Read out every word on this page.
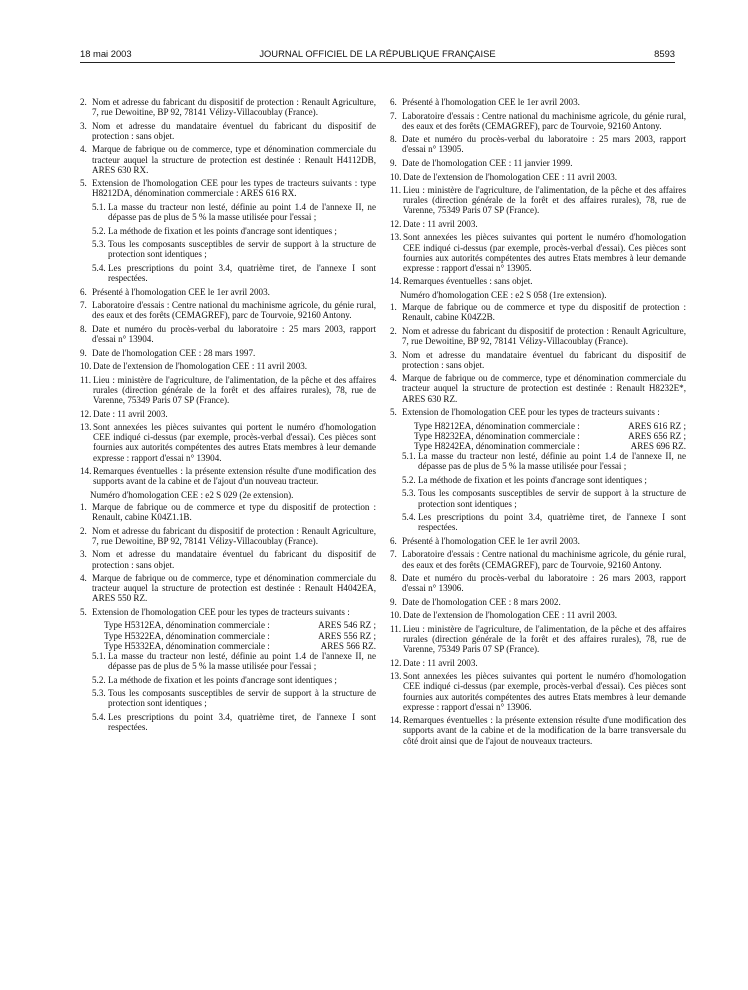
18 mai 2003	JOURNAL OFFICIEL DE LA RÉPUBLIQUE FRANÇAISE	8593
2. Nom et adresse du fabricant du dispositif de protection : Renault Agriculture, 7, rue Dewoitine, BP 92, 78141 Vélizy-Villacoublay (France).
3. Nom et adresse du mandataire éventuel du fabricant du dispositif de protection : sans objet.
4. Marque de fabrique ou de commerce, type et dénomination commerciale du tracteur auquel la structure de protection est destinée : Renault H4112DB, ARES 630 RX.
5. Extension de l'homologation CEE pour les types de tracteurs suivants : type H8212DA, dénomination commerciale : ARES 616 RX.
5.1. La masse du tracteur non lesté, définie au point 1.4 de l'annexe II, ne dépasse pas de plus de 5 % la masse utilisée pour l'essai ;
5.2. La méthode de fixation et les points d'ancrage sont identiques ;
5.3. Tous les composants susceptibles de servir de support à la structure de protection sont identiques ;
5.4. Les prescriptions du point 3.4, quatrième tiret, de l'annexe I sont respectées.
6. Présenté à l'homologation CEE le 1er avril 2003.
7. Laboratoire d'essais : Centre national du machinisme agricole, du génie rural, des eaux et des forêts (CEMAGREF), parc de Tourvoie, 92160 Antony.
8. Date et numéro du procès-verbal du laboratoire : 25 mars 2003, rapport d'essai n° 13904.
9. Date de l'homologation CEE : 28 mars 1997.
10. Date de l'extension de l'homologation CEE : 11 avril 2003.
11. Lieu : ministère de l'agriculture, de l'alimentation, de la pêche et des affaires rurales (direction générale de la forêt et des affaires rurales), 78, rue de Varenne, 75349 Paris 07 SP (France).
12. Date : 11 avril 2003.
13. Sont annexées les pièces suivantes qui portent le numéro d'homologation CEE indiqué ci-dessus (par exemple, procès-verbal d'essai). Ces pièces sont fournies aux autorités compétentes des autres Etats membres à leur demande expresse : rapport d'essai n° 13904.
14. Remarques éventuelles : la présente extension résulte d'une modification des supports avant de la cabine et de l'ajout d'un nouveau tracteur.
Numéro d'homologation CEE : e2 S 029 (2e extension).
1. Marque de fabrique ou de commerce et type du dispositif de protection : Renault, cabine K04Z1.1B.
2. Nom et adresse du fabricant du dispositif de protection : Renault Agriculture, 7, rue Dewoitine, BP 92, 78141 Vélizy-Villacoublay (France).
3. Nom et adresse du mandataire éventuel du fabricant du dispositif de protection : sans objet.
4. Marque de fabrique ou de commerce, type et dénomination commerciale du tracteur auquel la structure de protection est destinée : Renault H4042EA, ARES 550 RZ.
5. Extension de l'homologation CEE pour les types de tracteurs suivants :
Type H5312EA, dénomination commerciale :	ARES 546 RZ ;
Type H5322EA, dénomination commerciale :	ARES 556 RZ ;
Type H5332EA, dénomination commerciale :	ARES 566 RZ.
5.1. La masse du tracteur non lesté, définie au point 1.4 de l'annexe II, ne dépasse pas de plus de 5 % la masse utilisée pour l'essai ;
5.2. La méthode de fixation et les points d'ancrage sont identiques ;
5.3. Tous les composants susceptibles de servir de support à la structure de protection sont identiques ;
5.4. Les prescriptions du point 3.4, quatrième tiret, de l'annexe I sont respectées.
6. Présenté à l'homologation CEE le 1er avril 2003.
7. Laboratoire d'essais : Centre national du machinisme agricole, du génie rural, des eaux et des forêts (CEMAGREF), parc de Tourvoie, 92160 Antony.
8. Date et numéro du procès-verbal du laboratoire : 25 mars 2003, rapport d'essai n° 13905.
9. Date de l'homologation CEE : 11 janvier 1999.
10. Date de l'extension de l'homologation CEE : 11 avril 2003.
11. Lieu : ministère de l'agriculture, de l'alimentation, de la pêche et des affaires rurales (direction générale de la forêt et des affaires rurales), 78, rue de Varenne, 75349 Paris 07 SP (France).
12. Date : 11 avril 2003.
13. Sont annexées les pièces suivantes qui portent le numéro d'homologation CEE indiqué ci-dessus (par exemple, procès-verbal d'essai). Ces pièces sont fournies aux autorités compétentes des autres Etats membres à leur demande expresse : rapport d'essai n° 13905.
14. Remarques éventuelles : sans objet.
Numéro d'homologation CEE : e2 S 058 (1re extension).
1. Marque de fabrique ou de commerce et type du dispositif de protection : Renault, cabine K04Z2B.
2. Nom et adresse du fabricant du dispositif de protection : Renault Agriculture, 7, rue Dewoitine, BP 92, 78141 Vélizy-Villacoublay (France).
3. Nom et adresse du mandataire éventuel du fabricant du dispositif de protection : sans objet.
4. Marque de fabrique ou de commerce, type et dénomination commerciale du tracteur auquel la structure de protection est destinée : Renault H8232E*, ARES 630 RZ.
5. Extension de l'homologation CEE pour les types de tracteurs suivants :
Type H8212EA, dénomination commerciale :	ARES 616 RZ ;
Type H8232EA, dénomination commerciale :	ARES 656 RZ ;
Type H8242EA, dénomination commerciale :	ARES 696 RZ.
5.1. La masse du tracteur non lesté, définie au point 1.4 de l'annexe II, ne dépasse pas de plus de 5 % la masse utilisée pour l'essai ;
5.2. La méthode de fixation et les points d'ancrage sont identiques ;
5.3. Tous les composants susceptibles de servir de support à la structure de protection sont identiques ;
5.4. Les prescriptions du point 3.4, quatrième tiret, de l'annexe I sont respectées.
6. Présenté à l'homologation CEE le 1er avril 2003.
7. Laboratoire d'essais : Centre national du machinisme agricole, du génie rural, des eaux et des forêts (CEMAGREF), parc de Tourvoie, 92160 Antony.
8. Date et numéro du procès-verbal du laboratoire : 26 mars 2003, rapport d'essai n° 13906.
9. Date de l'homologation CEE : 8 mars 2002.
10. Date de l'extension de l'homologation CEE : 11 avril 2003.
11. Lieu : ministère de l'agriculture, de l'alimentation, de la pêche et des affaires rurales (direction générale de la forêt et des affaires rurales), 78, rue de Varenne, 75349 Paris 07 SP (France).
12. Date : 11 avril 2003.
13. Sont annexées les pièces suivantes qui portent le numéro d'homologation CEE indiqué ci-dessus (par exemple, procès-verbal d'essai). Ces pièces sont fournies aux autorités compétentes des autres Etats membres à leur demande expresse : rapport d'essai n° 13906.
14. Remarques éventuelles : la présente extension résulte d'une modification des supports avant de la cabine et de la modification de la barre transversale du côté droit ainsi que de l'ajout de nouveaux tracteurs.
